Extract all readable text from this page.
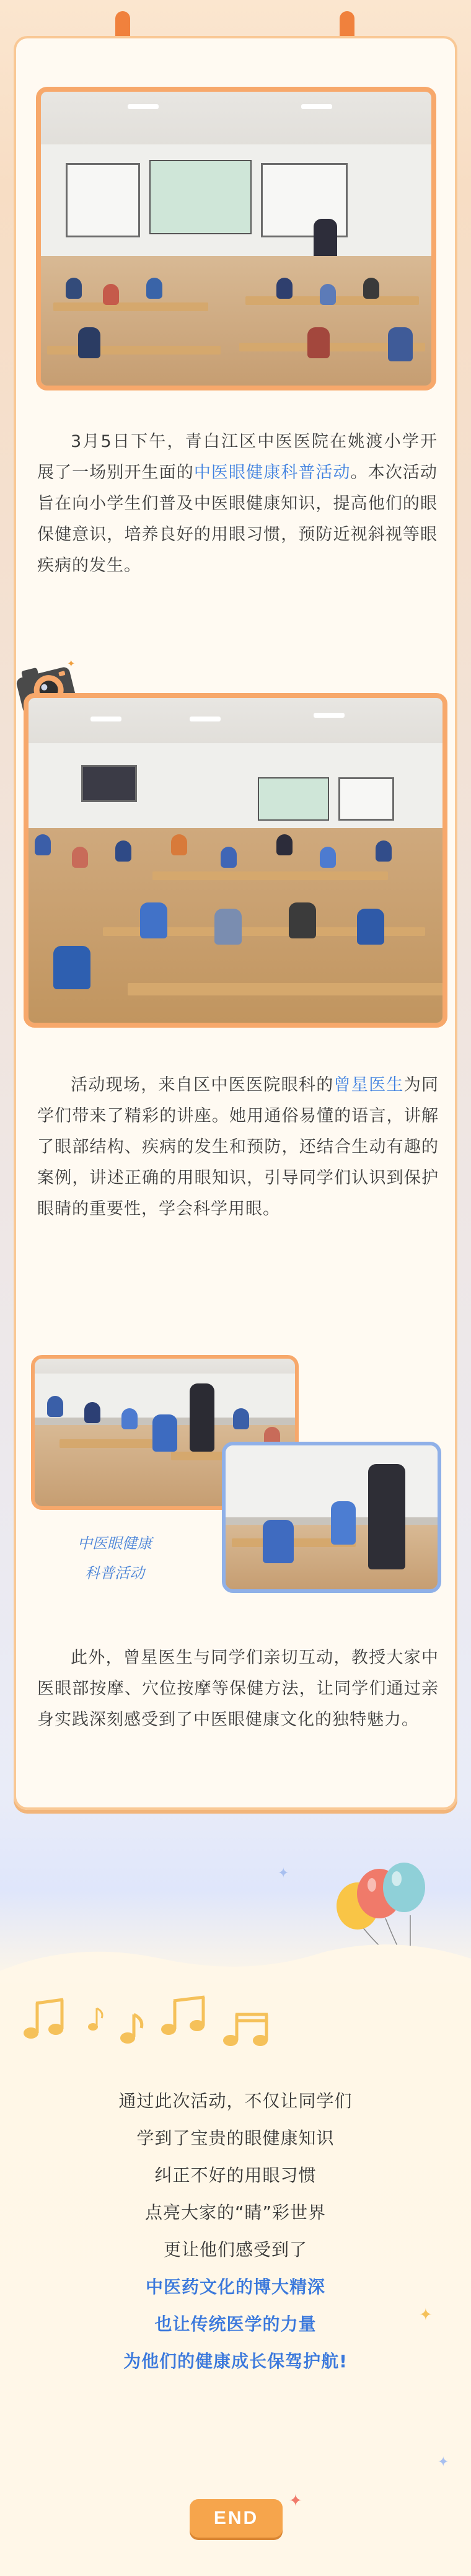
3月5日下午，青白江区中医医院在姚渡小学开展了一场别开生面的中医眼健康科普活动。本次活动旨在向小学生们普及中医眼健康知识，提高他们的眼保健意识，培养良好的用眼习惯，预防近视斜视等眼疾病的发生。
✦
活动现场，来自区中医医院眼科的曾星医生为同学们带来了精彩的讲座。她用通俗易懂的语言，讲解了眼部结构、疾病的发生和预防，还结合生动有趣的案例，讲述正确的用眼知识，引导同学们认识到保护眼睛的重要性，学会科学用眼。
中医眼健康
科普活动
此外，曾星医生与同学们亲切互动，教授大家中医眼部按摩、穴位按摩等保健方法，让同学们通过亲身实践深刻感受到了中医眼健康文化的独特魅力。
✦
通过此次活动，不仅让同学们
学到了宝贵的眼健康知识
纠正不好的用眼习惯
点亮大家的“睛”彩世界
更让他们感受到了
中医药文化的博大精深
也让传统医学的力量
为他们的健康成长保驾护航!
✦
✦
✦
END
